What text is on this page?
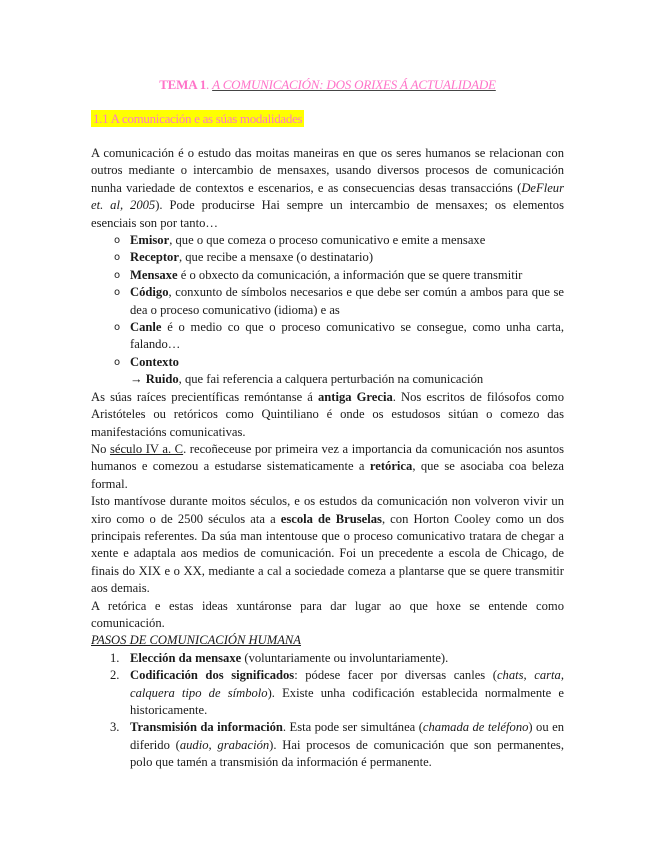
TEMA 1. A COMUNICACIÓN: DOS ORIXES Á ACTUALIDADE
1.1 A comunicación e as súas modalidades

A comunicación é o estudo das moitas maneiras en que os seres humanos se relacionan con outros mediante o intercambio de mensaxes, usando diversos procesos de comunicación nunha variedade de contextos e escenarios, e as consecuencias desas transaccións (DeFleur et. al, 2005). Pode producirse Hai sempre un intercambio de mensaxes; os elementos esenciais son por tanto…

o Emisor, que o que comeza o proceso comunicativo e emite a mensaxe
o Receptor, que recibe a mensaxe (o destinatario)
o Mensaxe é o obxecto da comunicación, a información que se quere transmitir
o Código, conxunto de símbolos necesarios e que debe ser común a ambos para que se dea o proceso comunicativo (idioma) e as
o Canle é o medio co que o proceso comunicativo se consegue, como unha carta, falando…
o Contexto

→ Ruido, que fai referencia a calquera perturbación na comunicación

As súas raíces precientíficas remóntanse á antiga Grecia. Nos escritos de filósofos como Aristóteles ou retóricos como Quintiliano é onde os estudosos sitúan o comezo das manifestacións comunicativas.

No século IV a. C. recoñeceuse por primeira vez a importancia da comunicación nos asuntos humanos e comezou a estudarse sistematicamente a retórica, que se asociaba coa beleza formal.

Isto mantívose durante moitos séculos, e os estudos da comunicación non volveron vivir un xiro como o de 2500 séculos ata a escola de Bruselas, con Horton Cooley como un dos principais referentes. Da súa man intentouse que o proceso comunicativo tratara de chegar a xente e adaptala aos medios de comunicación. Foi un precedente a escola de Chicago, de finais do XIX e o XX, mediante a cal a sociedade comeza a plantarse que se quere transmitir aos demais.

A retórica e estas ideas xuntáronse para dar lugar ao que hoxe se entende como comunicación.

PASOS DE COMUNICACIÓN HUMANA

1. Elección da mensaxe (voluntariamente ou involuntariamente).
2. Codificación dos significados: pódese facer por diversas canles (chats, carta, calquera tipo de símbolo). Existe unha codificación establecida normalmente e historicamente.
3. Transmisión da información. Esta pode ser simultánea (chamada de teléfono) ou en diferido (audio, grabación). Hai procesos de comunicación que son permanentes, polo que tamén a transmisión da información é permanente.
